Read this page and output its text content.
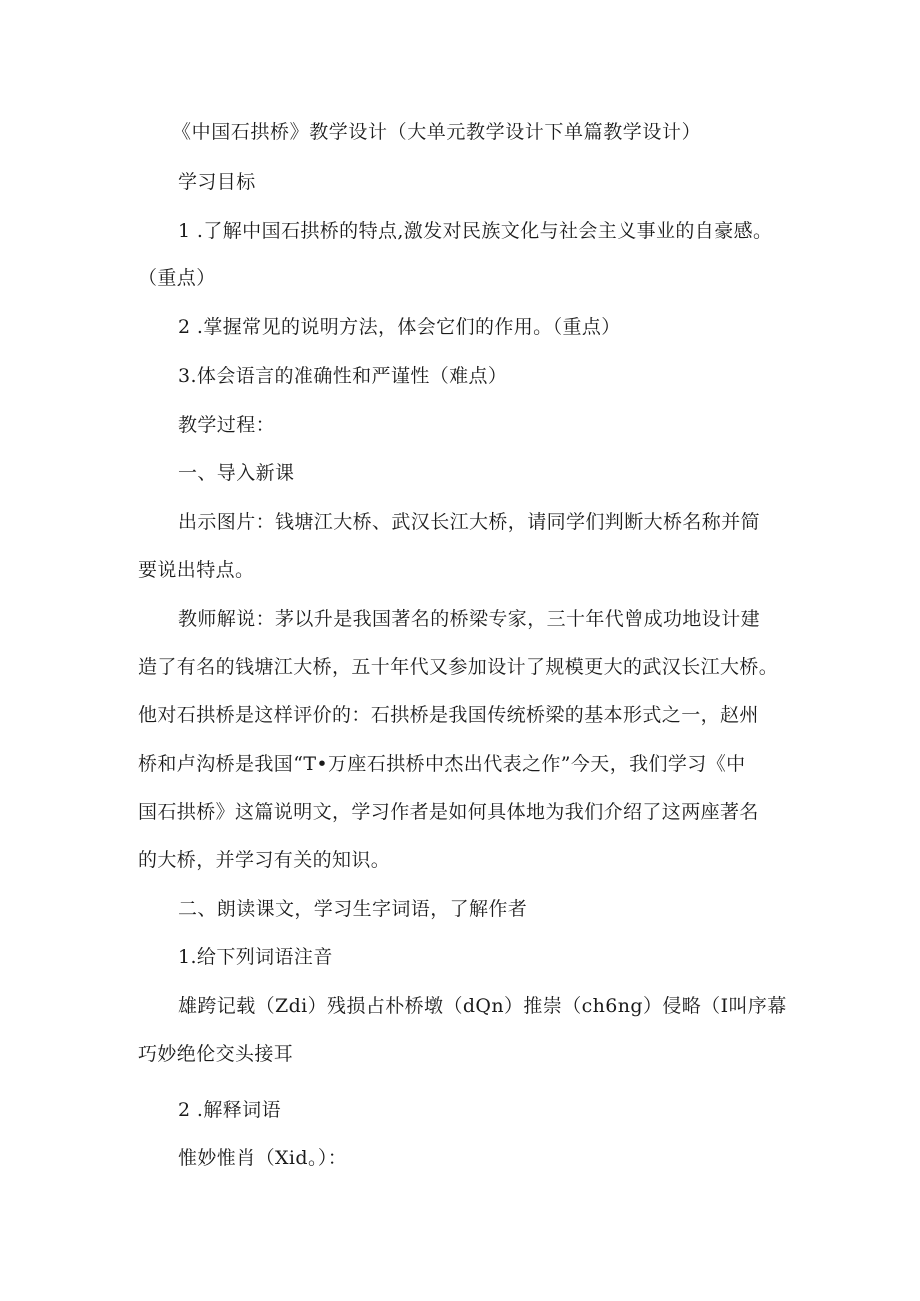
《中国石拱桥》教学设计（大单元教学设计下单篇教学设计）
学习目标
1 .了解中国石拱桥的特点,激发对民族文化与社会主义事业的自豪感。
（重点）
2 .掌握常见的说明方法，体会它们的作用。（重点）
3.体会语言的准确性和严谨性（难点）
教学过程：
一、导入新课
出示图片：钱塘江大桥、武汉长江大桥，请同学们判断大桥名称并简
要说出特点。
教师解说：茅以升是我国著名的桥梁专家，三十年代曾成功地设计建
造了有名的钱塘江大桥，五十年代又参加设计了规模更大的武汉长江大桥。
他对石拱桥是这样评价的：石拱桥是我国传统桥梁的基本形式之一，赵州
桥和卢沟桥是我国“T•万座石拱桥中杰出代表之作”今天，我们学习《中
国石拱桥》这篇说明文，学习作者是如何具体地为我们介绍了这两座著名
的大桥，并学习有关的知识。
二、朗读课文，学习生字词语，了解作者
1.给下列词语注音
雄跨记载（Zdi）残损占朴桥墩（dQn）推崇（ch6ng）侵略（I叫序幕
巧妙绝伦交头接耳
2 .解释词语
惟妙惟肖（Xid。）：
